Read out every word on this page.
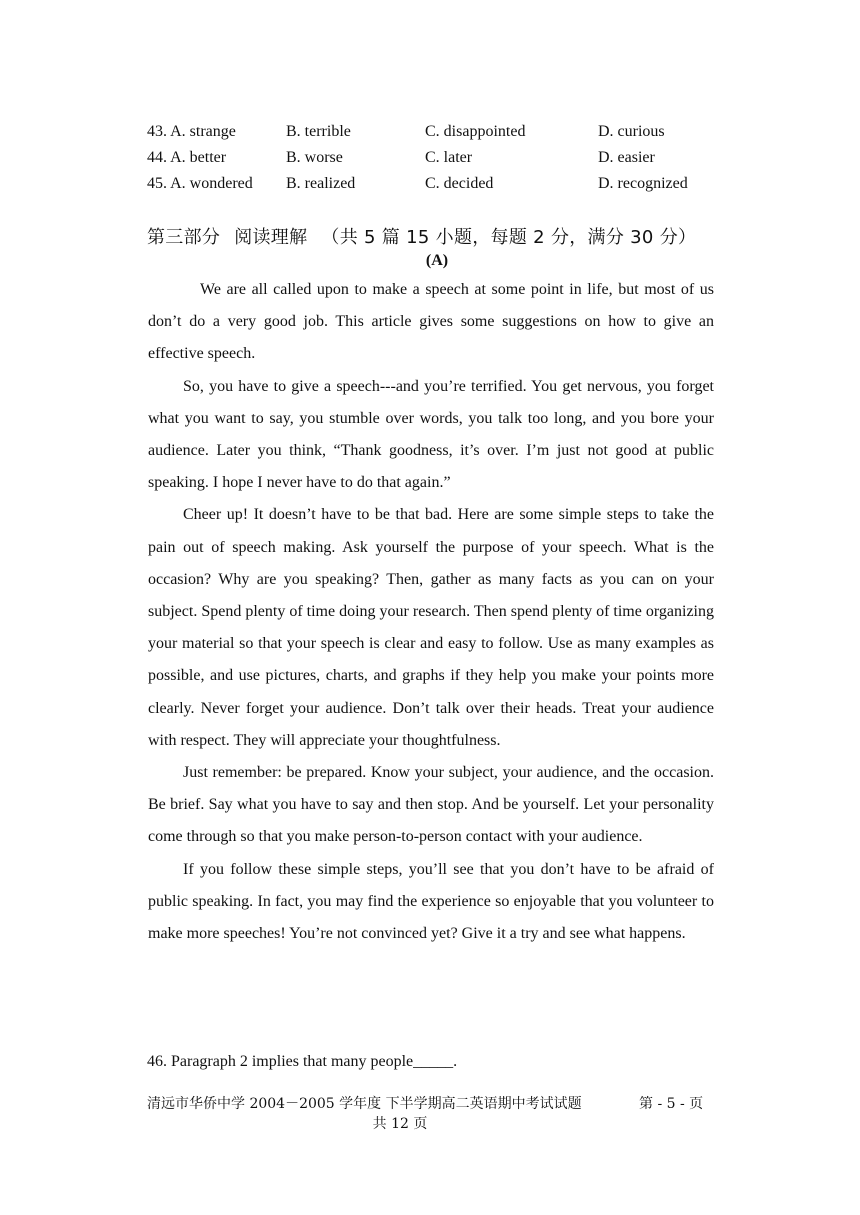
43. A. strange	B. terrible	C. disappointed	D. curious
44. A. better	B. worse	C. later	D. easier
45. A. wondered B. realized	C. decided	D. recognized
第三部分 阅读理解 （共 5 篇 15 小题，每题 2 分，满分 30 分）
(A)

We are all called upon to make a speech at some point in life, but most of us don’t do a very good job. This article gives some suggestions on how to give an effective speech.

So, you have to give a speech---and you’re terrified. You get nervous, you forget what you want to say, you stumble over words, you talk too long, and you bore your audience. Later you think, “Thank goodness, it’s over. I’m just not good at public speaking. I hope I never have to do that again.”

Cheer up! It doesn’t have to be that bad. Here are some simple steps to take the pain out of speech making. Ask yourself the purpose of your speech. What is the occasion? Why are you speaking? Then, gather as many facts as you can on your subject. Spend plenty of time doing your research. Then spend plenty of time organizing your material so that your speech is clear and easy to follow. Use as many examples as possible, and use pictures, charts, and graphs if they help you make your points more clearly. Never forget your audience. Don’t talk over their heads. Treat your audience with respect. They will appreciate your thoughtfulness.

Just remember: be prepared. Know your subject, your audience, and the occasion. Be brief. Say what you have to say and then stop. And be yourself. Let your personality come through so that you make person-to-person contact with your audience.

If you follow these simple steps, you’ll see that you don’t have to be afraid of public speaking. In fact, you may find the experience so enjoyable that you volunteer to make more speeches! You’re not convinced yet? Give it a try and see what happens.

46. Paragraph 2 implies that many people_____.
清远市华侨中学 2004－2005 学年度 下半学期高二英语期中考试试题	第 - 5 - 页
共 12 页
